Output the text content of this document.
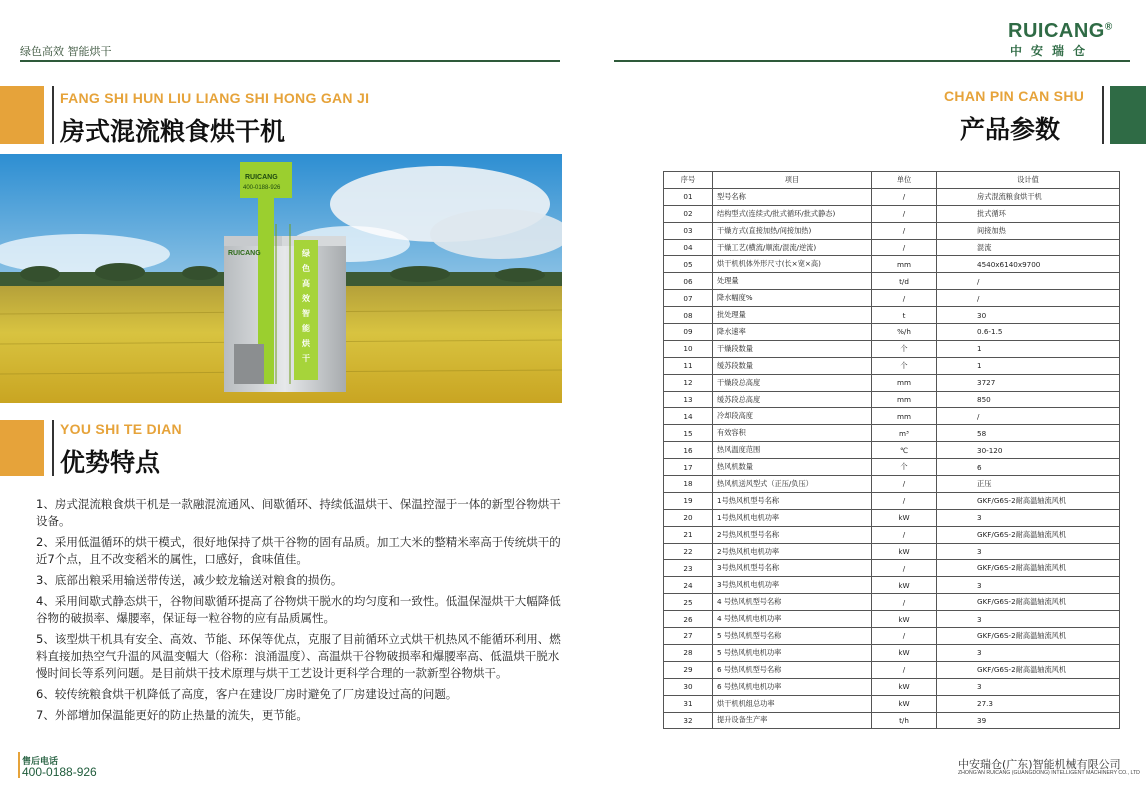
绿色高效 智能烘干
FANG SHI HUN LIU LIANG SHI HONG GAN JI
房式混流粮食烘干机
RUICANG
400-0188-926
RUICANG	绿色高效智能烘干
YOU SHI TE DIAN
优势特点

1、房式混流粮食烘干机是一款融混流通风、间歇循环、持续低温烘干、保温控湿于一体的新型谷物烘干设备。

2、采用低温循环的烘干模式，很好地保持了烘干谷物的固有品质。加工大米的整精米率高于传统烘干的近7个点，且不改变稻米的属性，口感好，食味值佳。

3、底部出粮采用输送带传送，减少蛟龙输送对粮食的损伤。

4、采用间歇式静态烘干，谷物间歇循环提高了谷物烘干脱水的均匀度和一致性。低温保湿烘干大幅降低谷物的破损率、爆腰率，保证每一粒谷物的应有品质属性。

5、该型烘干机具有安全、高效、节能、环保等优点，克服了目前循环立式烘干机热风不能循环利用、燃料直接加热空气升温的风温变幅大（俗称：浪涌温度）、高温烘干谷物破损率和爆腰率高、低温烘干脱水慢时间长等系列问题。是目前烘干技术原理与烘干工艺设计更科学合理的一款新型谷物烘干。

6、较传统粮食烘干机降低了高度，客户在建设厂房时避免了厂房建设过高的问题。

7、外部增加保温能更好的防止热量的流失，更节能。

售后电话
400-0188-926
RUICANG®
中安瑞仓
CHAN PIN CAN SHU
产品参数
序号	项目	单位	设计值
01	型号名称	/	房式混流粮食烘干机
02	结构型式(连续式/批式循环/批式静态)	/	批式循环
03	干燥方式(直接加热/间接加热)	/	间接加热
04	干燥工艺(横流/顺流/混流/逆流)	/	混流
05	烘干机机体外形尺寸(长×宽×高)	mm	4540x6140x9700
06	处理量	t/d	/
07	降水幅度%	/	/
08	批处理量	t	30
09	降水速率	%/h	0.6-1.5
10	干燥段数量	个	1
11	缓苏段数量	个	1
12	干燥段总高度	mm	3727
13	缓苏段总高度	mm	850
14	冷却段高度	mm	/
15	有效容积	m³	58
16	热风温度范围	℃	30-120
17	热风机数量	个	6
18	热风机送风型式（正压/负压）	/	正压
19	1号热风机型号名称	/	GKF/G6S-2耐高温轴流风机
20	1号热风机电机功率	kW	3
21	2号热风机型号名称	/	GKF/G6S-2耐高温轴流风机
22	2号热风机电机功率	kW	3
23	3号热风机型号名称	/	GKF/G6S-2耐高温轴流风机
24	3号热风机电机功率	kW	3
25	4 号热风机型号名称	/	GKF/G6S-2耐高温轴流风机
26	4 号热风机电机功率	kW	3
27	5 号热风机型号名称	/	GKF/G6S-2耐高温轴流风机
28	5 号热风机电机功率	kW	3
29	6 号热风机型号名称	/	GKF/G6S-2耐高温轴流风机
30	6 号热风机电机功率	kW	3
31	烘干机机组总功率	kW	27.3
32	提升设备生产率	t/h	39
中安瑞仓(广东)智能机械有限公司
ZHONG'AN RUICANG (GUANGDONG) INTELLIGENT MACHINERY CO., LTD
